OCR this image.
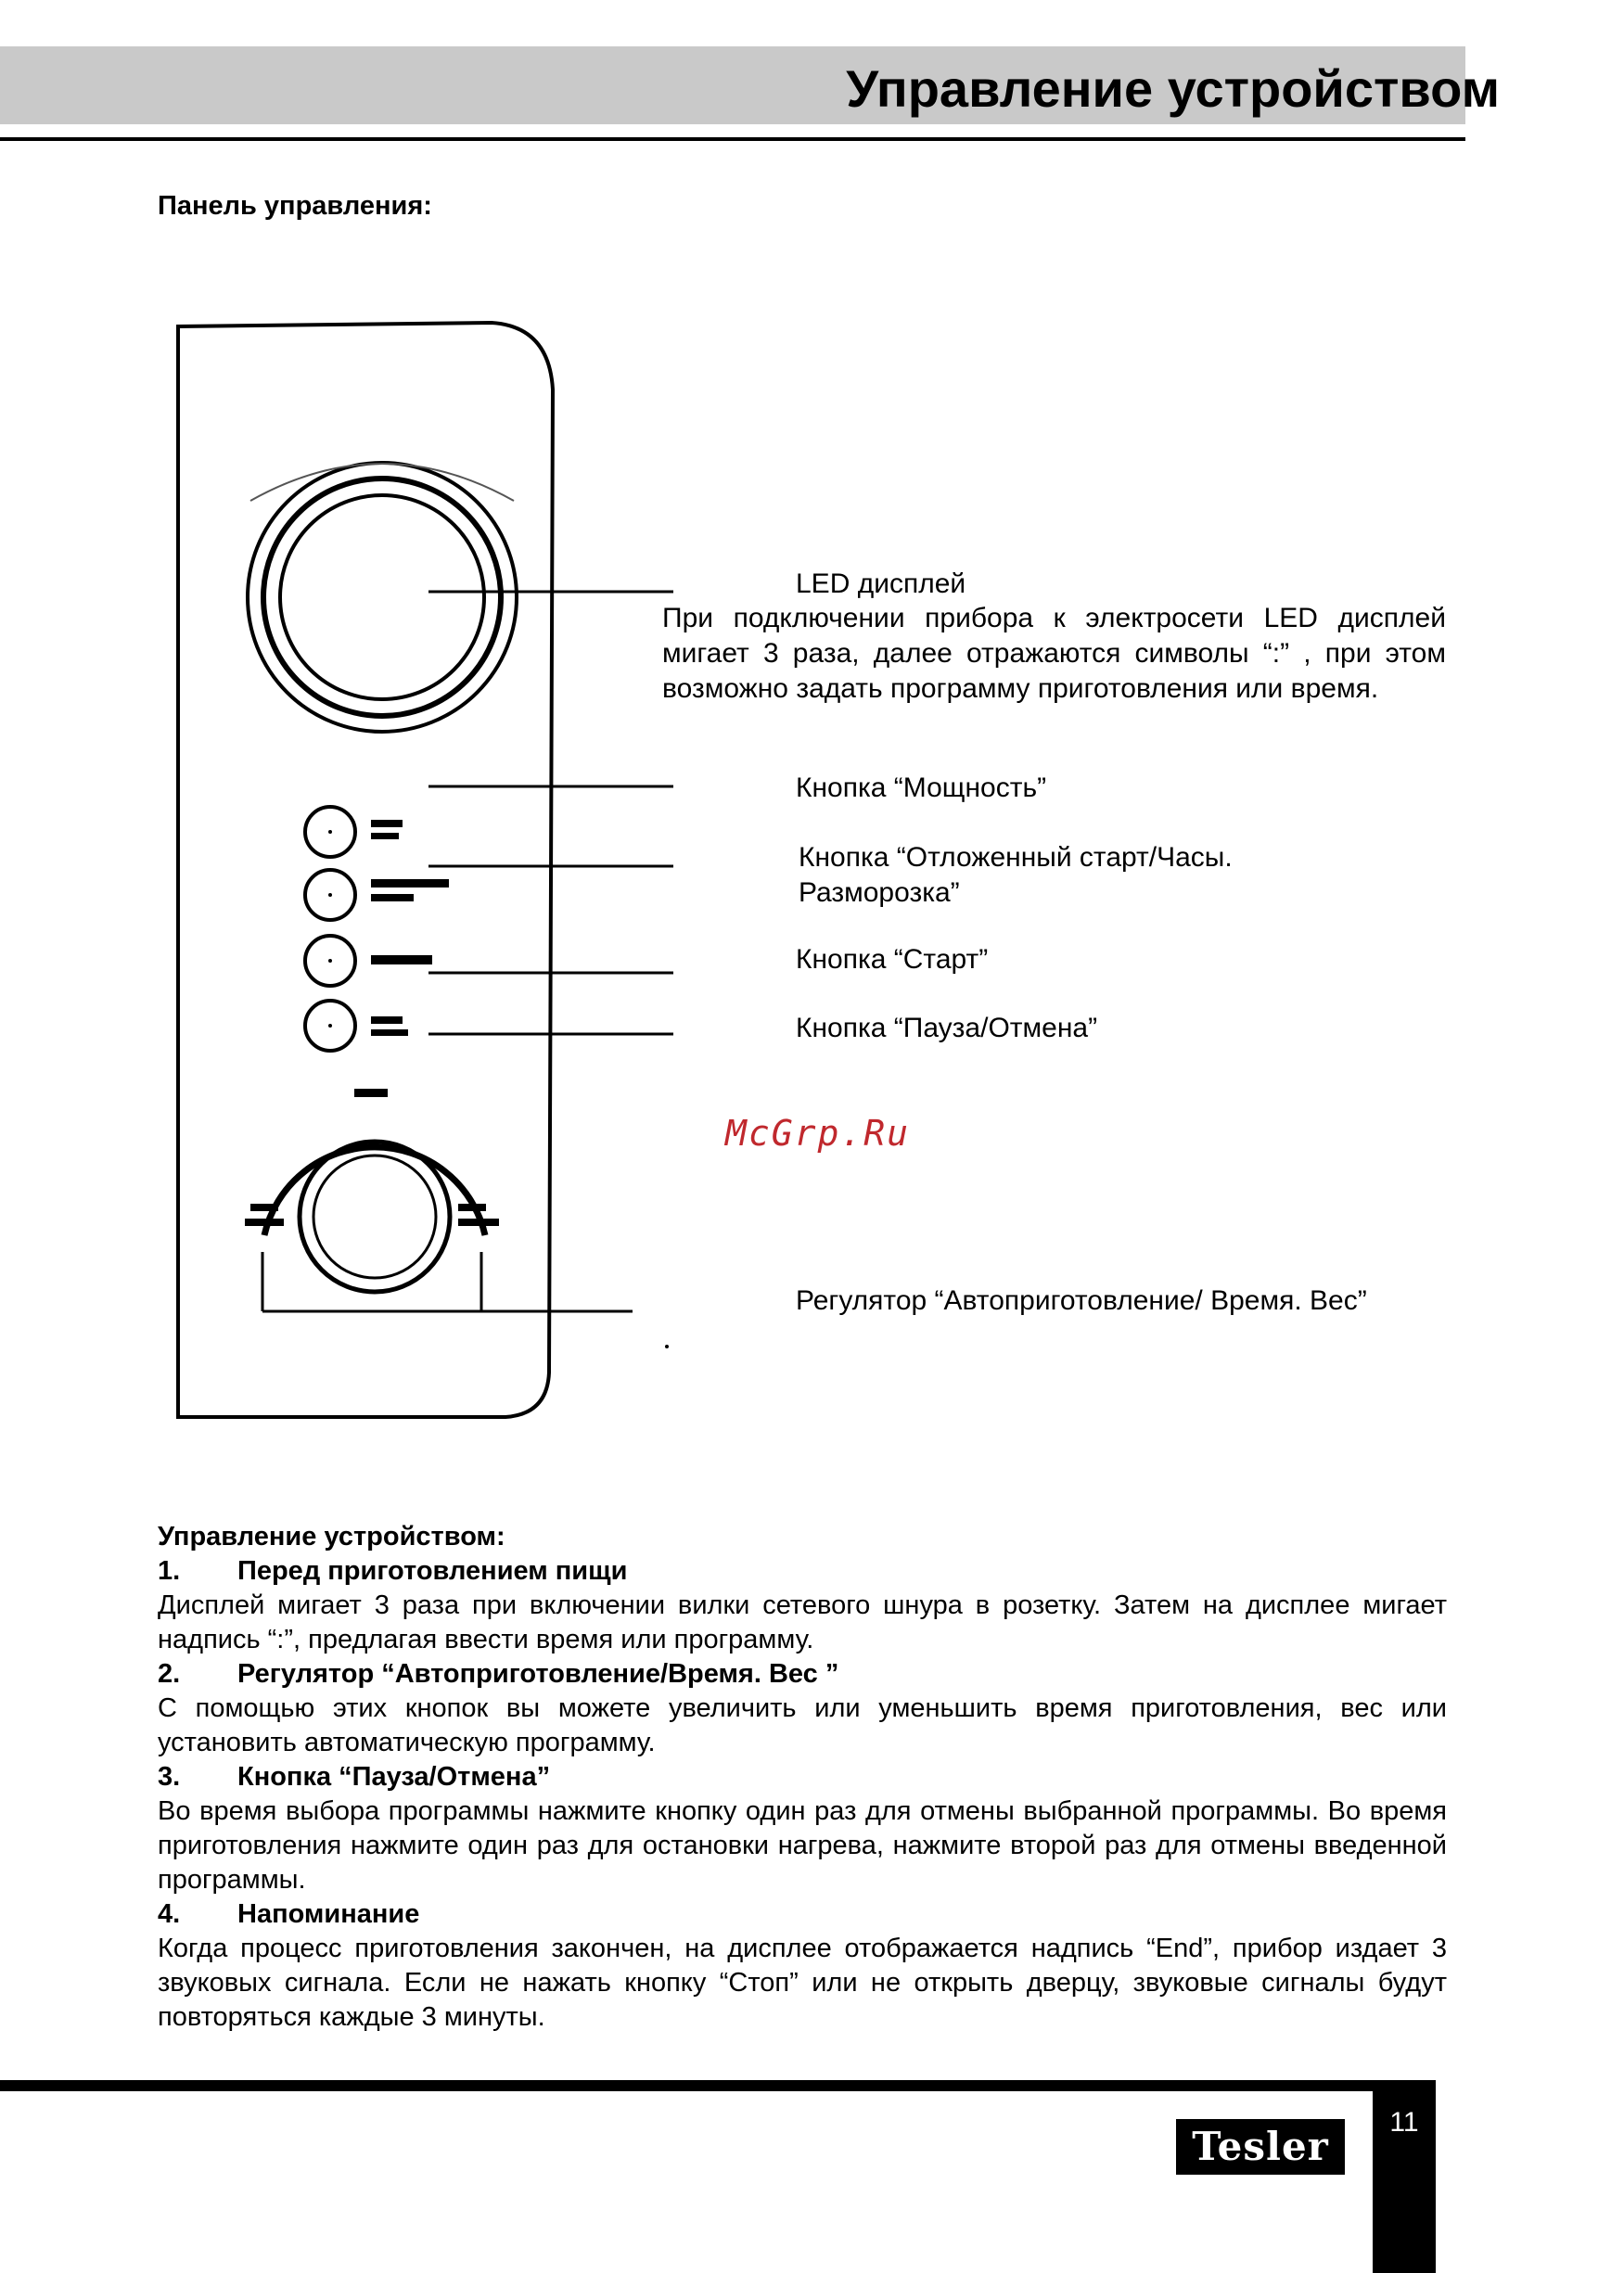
Управление устройством
Панель управления:
LED дисплей
При подключении прибора к электросети LED дисплей мигает 3 раза, далее отражаются символы “:” , при этом возможно задать программу приготовления или время.
Кнопка “Мощность”
Кнопка “Отложенный старт/Часы. Разморозка”
Кнопка “Старт”
Кнопка “Пауза/Отмена”
Регулятор “Автоприготовление/ Время. Вес”
McGrp.Ru
Управление устройством:
1. Перед приготовлением пищи

Дисплей мигает 3 раза при включении вилки сетевого шнура в розетку. Затем на дисплее мигает надпись “:”, предлагая ввести время или программу.

2. Регулятор “Автоприготовление/Время. Вес ”

С помощью этих кнопок вы можете увеличить или уменьшить время приготовления, вес или установить автоматическую программу.

3. Кнопка “Пауза/Отмена”

Во время выбора программы нажмите кнопку один раз для отмены выбранной программы. Во время приготовления нажмите один раз для остановки нагрева, нажмите второй раз для отмены введенной программы.

4. Напоминание

Когда процесс приготовления закончен, на дисплее отображается надпись “End”, прибор издает 3 звуковых сигнала. Если не нажать кнопку “Стоп” или не открыть дверцу, звуковые сигналы будут повторяться каждые 3 минуты.

11
Tesler
